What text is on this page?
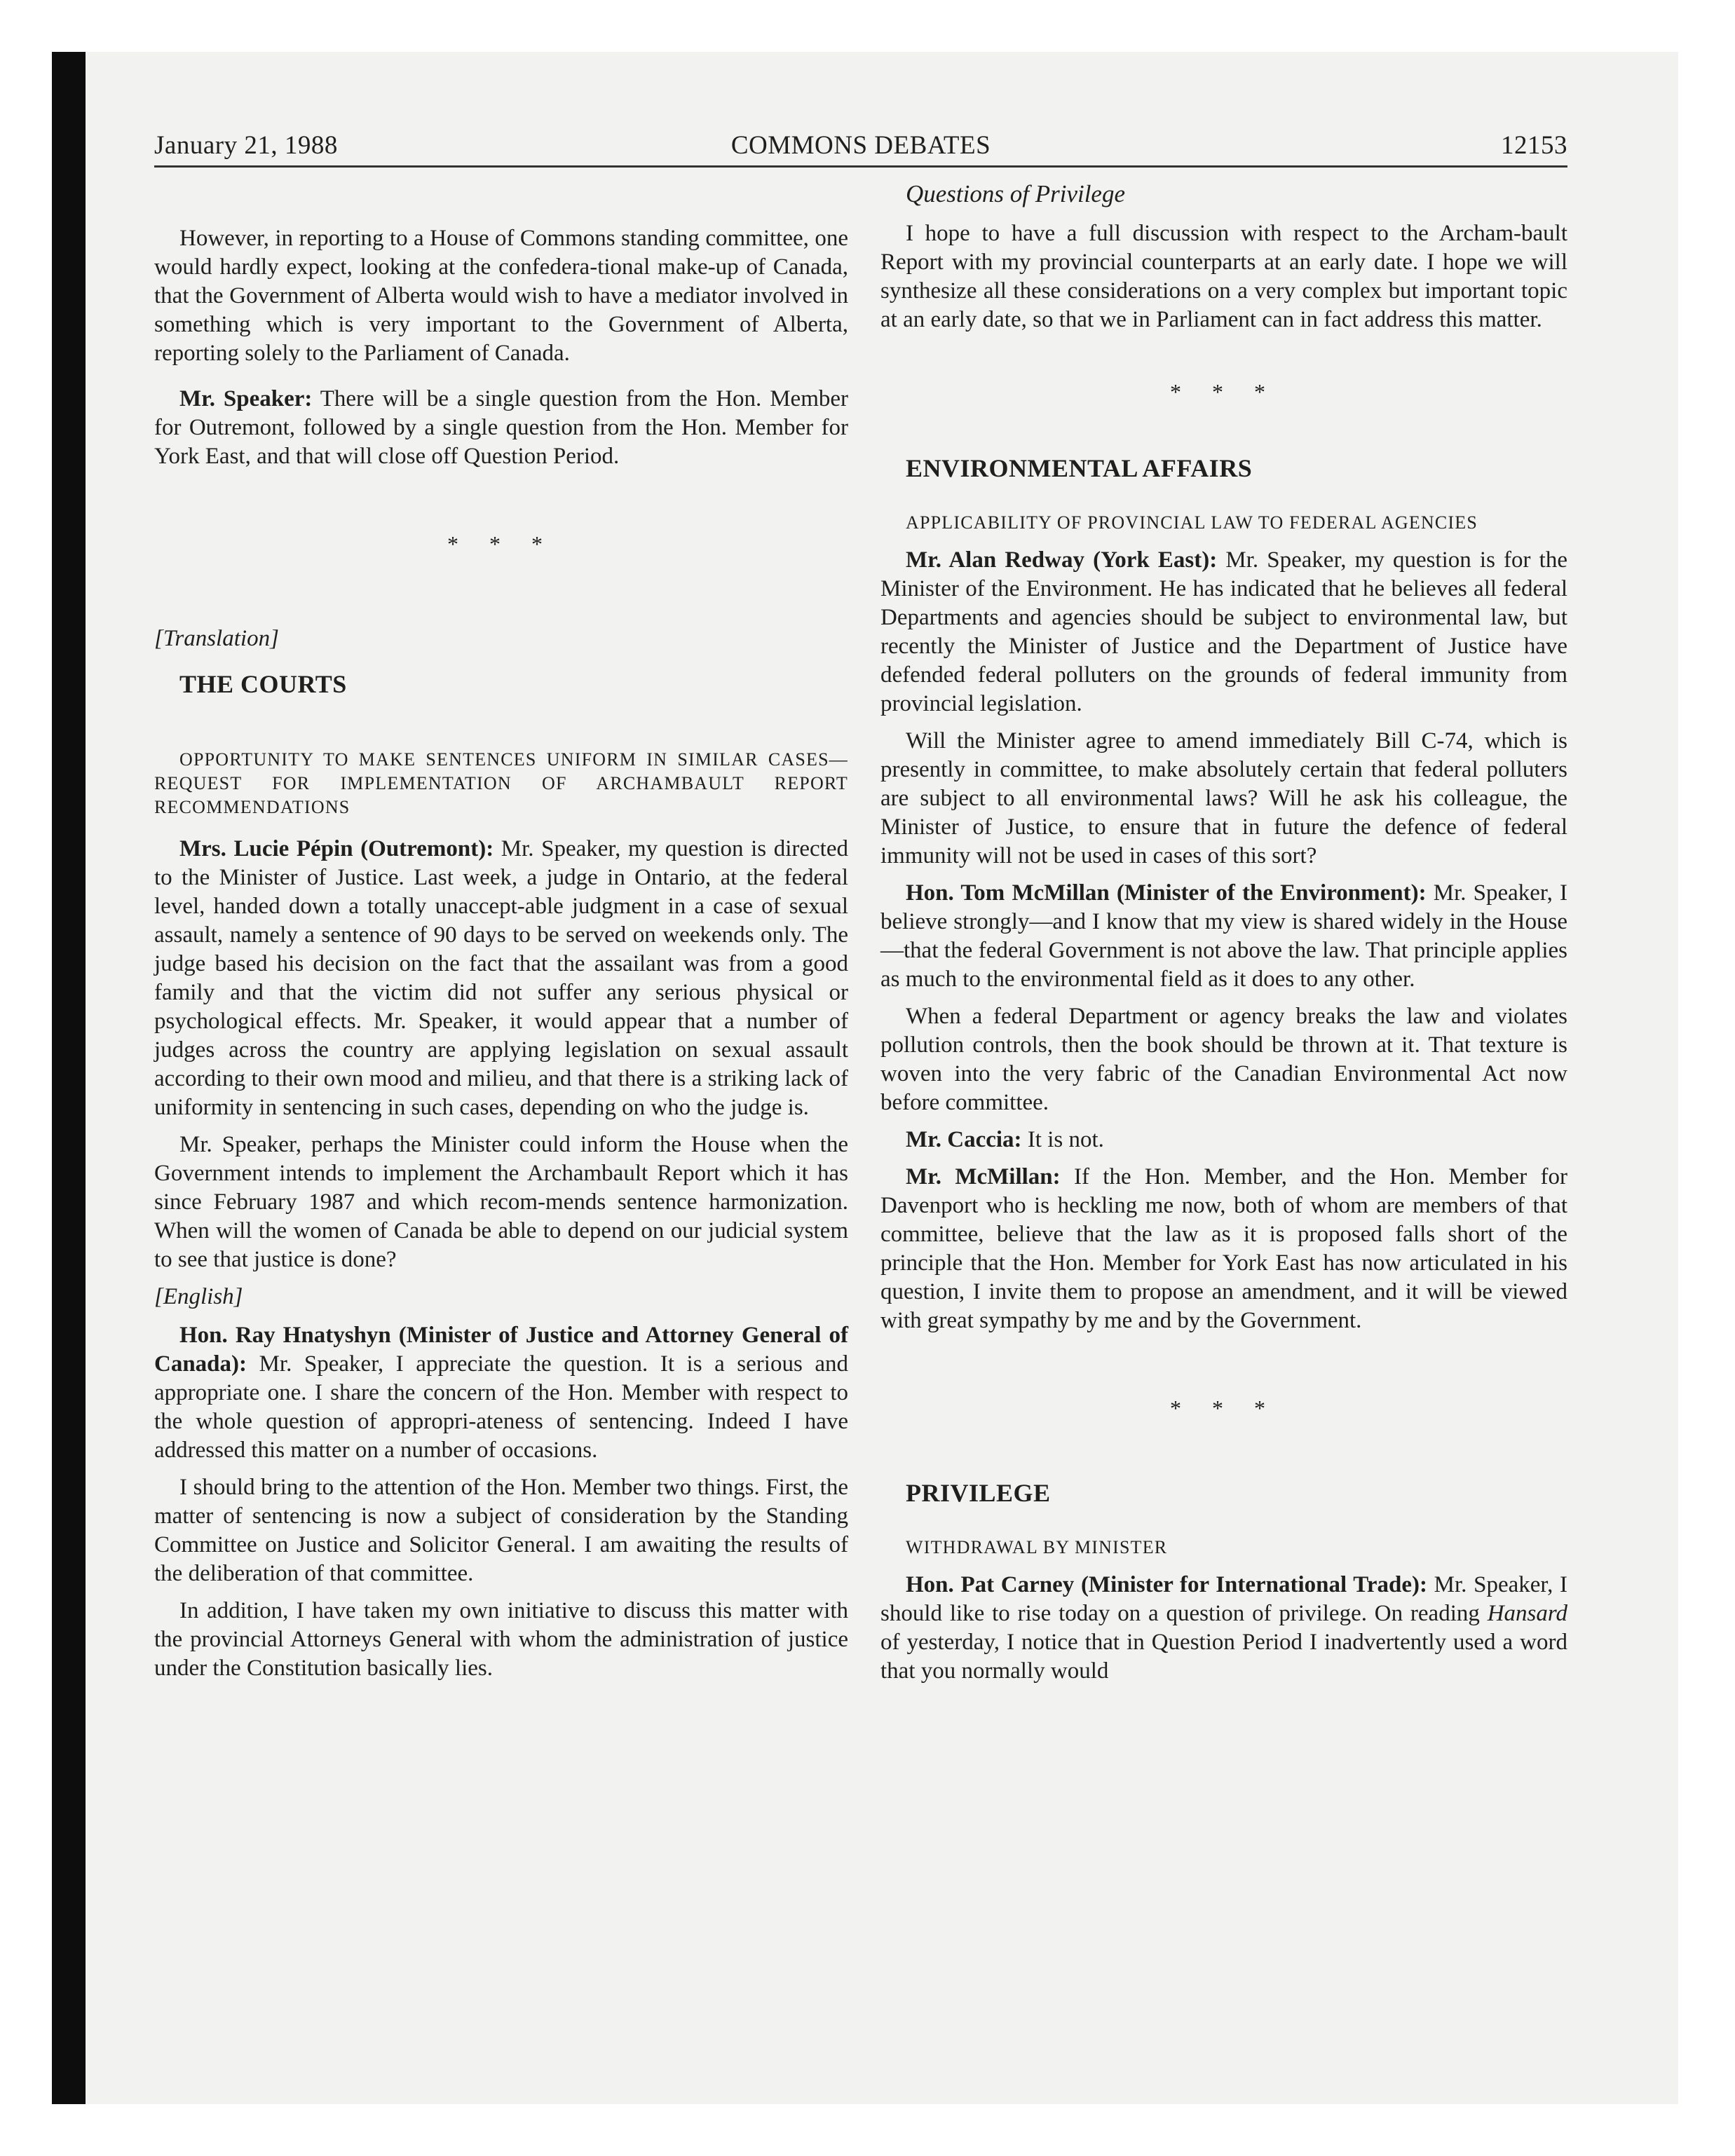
January 21, 1988	COMMONS DEBATES	12153

However, in reporting to a House of Commons standing committee, one would hardly expect, looking at the confedera-tional make-up of Canada, that the Government of Alberta would wish to have a mediator involved in something which is very important to the Government of Alberta, reporting solely to the Parliament of Canada.

Mr. Speaker: There will be a single question from the Hon. Member for Outremont, followed by a single question from the Hon. Member for York East, and that will close off Question Period.

* * *

[Translation]

THE COURTS

OPPORTUNITY TO MAKE SENTENCES UNIFORM IN SIMILAR CASES—REQUEST FOR IMPLEMENTATION OF ARCHAMBAULT REPORT RECOMMENDATIONS

Mrs. Lucie Pépin (Outremont): Mr. Speaker, my question is directed to the Minister of Justice. Last week, a judge in Ontario, at the federal level, handed down a totally unaccept-able judgment in a case of sexual assault, namely a sentence of 90 days to be served on weekends only. The judge based his decision on the fact that the assailant was from a good family and that the victim did not suffer any serious physical or psychological effects. Mr. Speaker, it would appear that a number of judges across the country are applying legislation on sexual assault according to their own mood and milieu, and that there is a striking lack of uniformity in sentencing in such cases, depending on who the judge is.

Mr. Speaker, perhaps the Minister could inform the House when the Government intends to implement the Archambault Report which it has since February 1987 and which recom-mends sentence harmonization. When will the women of Canada be able to depend on our judicial system to see that justice is done?

[English]

Hon. Ray Hnatyshyn (Minister of Justice and Attorney General of Canada): Mr. Speaker, I appreciate the question. It is a serious and appropriate one. I share the concern of the Hon. Member with respect to the whole question of appropri-ateness of sentencing. Indeed I have addressed this matter on a number of occasions.

I should bring to the attention of the Hon. Member two things. First, the matter of sentencing is now a subject of consideration by the Standing Committee on Justice and Solicitor General. I am awaiting the results of the deliberation of that committee.

In addition, I have taken my own initiative to discuss this matter with the provincial Attorneys General with whom the administration of justice under the Constitution basically lies.

Questions of Privilege

I hope to have a full discussion with respect to the Archam-bault Report with my provincial counterparts at an early date. I hope we will synthesize all these considerations on a very complex but important topic at an early date, so that we in Parliament can in fact address this matter.

* * *

ENVIRONMENTAL AFFAIRS

APPLICABILITY OF PROVINCIAL LAW TO FEDERAL AGENCIES

Mr. Alan Redway (York East): Mr. Speaker, my question is for the Minister of the Environment. He has indicated that he believes all federal Departments and agencies should be subject to environmental law, but recently the Minister of Justice and the Department of Justice have defended federal polluters on the grounds of federal immunity from provincial legislation.

Will the Minister agree to amend immediately Bill C-74, which is presently in committee, to make absolutely certain that federal polluters are subject to all environmental laws? Will he ask his colleague, the Minister of Justice, to ensure that in future the defence of federal immunity will not be used in cases of this sort?

Hon. Tom McMillan (Minister of the Environment): Mr. Speaker, I believe strongly—and I know that my view is shared widely in the House—that the federal Government is not above the law. That principle applies as much to the environmental field as it does to any other.

When a federal Department or agency breaks the law and violates pollution controls, then the book should be thrown at it. That texture is woven into the very fabric of the Canadian Environmental Act now before committee.

Mr. Caccia: It is not.

Mr. McMillan: If the Hon. Member, and the Hon. Member for Davenport who is heckling me now, both of whom are members of that committee, believe that the law as it is proposed falls short of the principle that the Hon. Member for York East has now articulated in his question, I invite them to propose an amendment, and it will be viewed with great sympathy by me and by the Government.

* * *

PRIVILEGE

WITHDRAWAL BY MINISTER

Hon. Pat Carney (Minister for International Trade): Mr. Speaker, I should like to rise today on a question of privilege. On reading Hansard of yesterday, I notice that in Question Period I inadvertently used a word that you normally would
